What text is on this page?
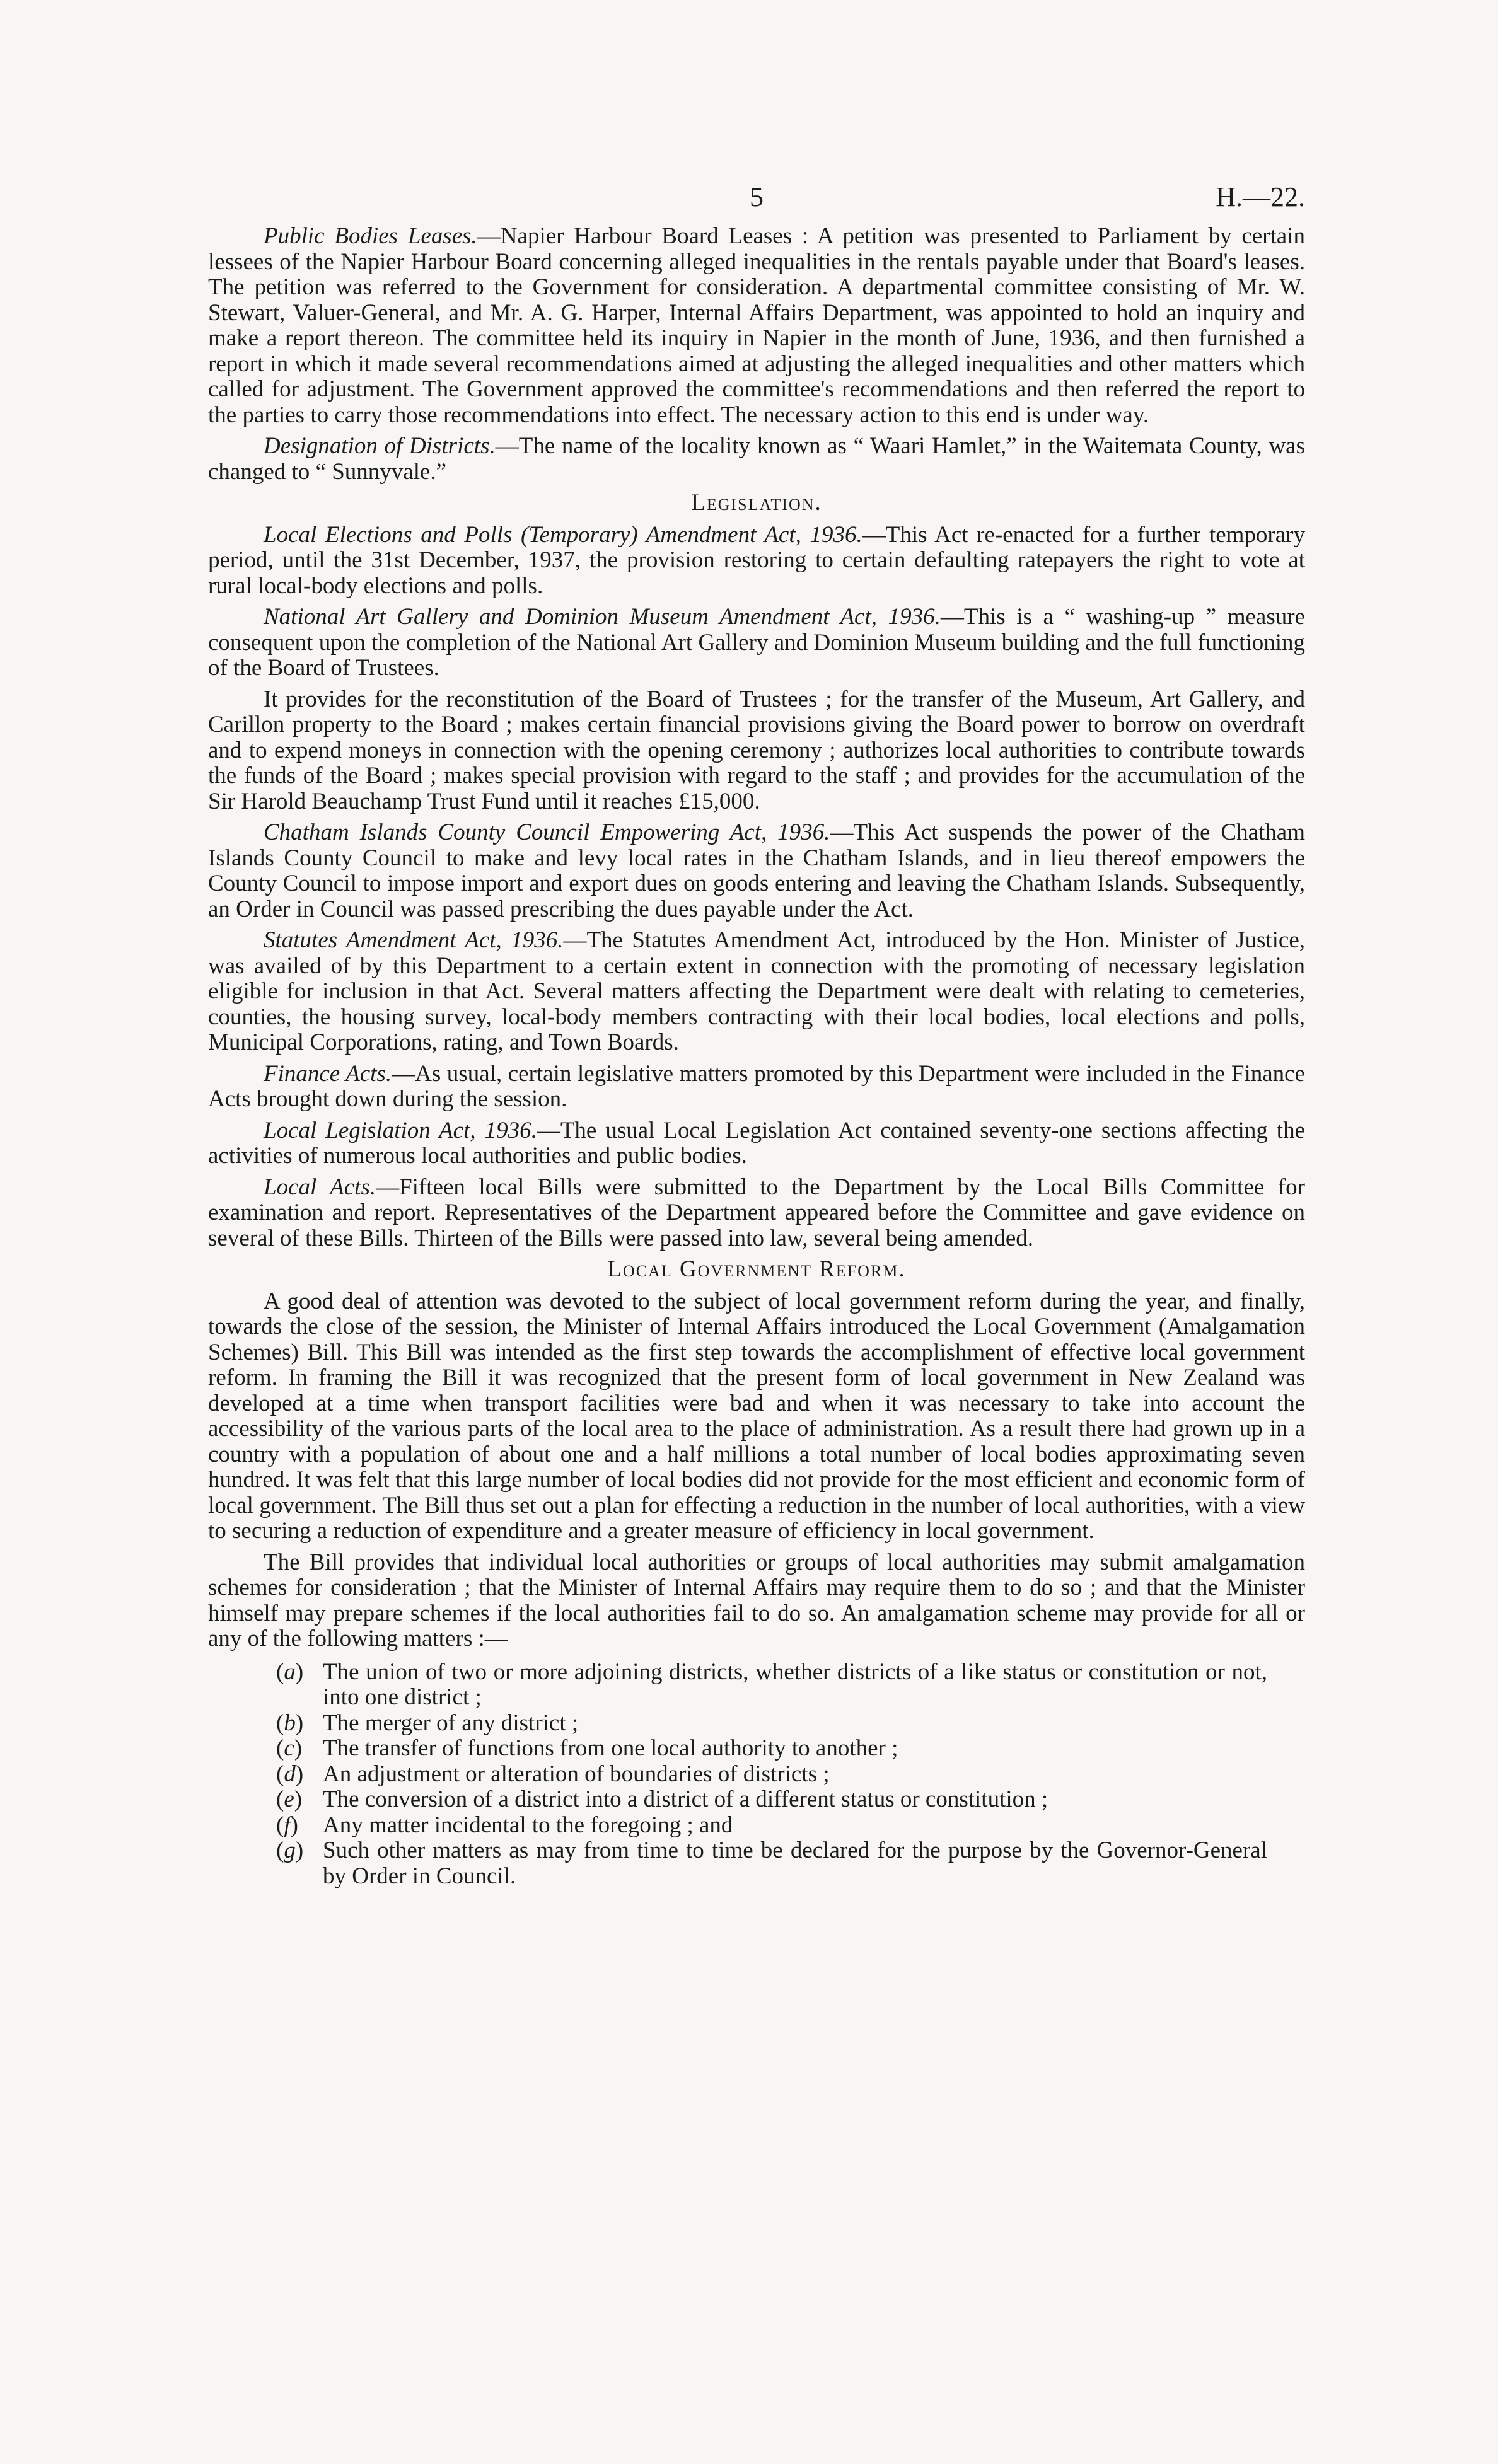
5	H.—22.

Public Bodies Leases.—Napier Harbour Board Leases : A petition was presented to Parliament by certain lessees of the Napier Harbour Board concerning alleged inequalities in the rentals payable under that Board's leases. The petition was referred to the Government for consideration. A departmental committee consisting of Mr. W. Stewart, Valuer-General, and Mr. A. G. Harper, Internal Affairs Department, was appointed to hold an inquiry and make a report thereon. The committee held its inquiry in Napier in the month of June, 1936, and then furnished a report in which it made several recommendations aimed at adjusting the alleged inequalities and other matters which called for adjustment. The Government approved the committee's recommendations and then referred the report to the parties to carry those recommendations into effect. The necessary action to this end is under way.

Designation of Districts.—The name of the locality known as “ Waari Hamlet,” in the Waitemata County, was changed to “ Sunnyvale.”

Legislation.

Local Elections and Polls (Temporary) Amendment Act, 1936.—This Act re-enacted for a further temporary period, until the 31st December, 1937, the provision restoring to certain defaulting ratepayers the right to vote at rural local-body elections and polls.

National Art Gallery and Dominion Museum Amendment Act, 1936.—This is a “ washing-up ” measure consequent upon the completion of the National Art Gallery and Dominion Museum building and the full functioning of the Board of Trustees.

It provides for the reconstitution of the Board of Trustees ; for the transfer of the Museum, Art Gallery, and Carillon property to the Board ; makes certain financial provisions giving the Board power to borrow on overdraft and to expend moneys in connection with the opening ceremony ; authorizes local authorities to contribute towards the funds of the Board ; makes special provision with regard to the staff ; and provides for the accumulation of the Sir Harold Beauchamp Trust Fund until it reaches £15,000.

Chatham Islands County Council Empowering Act, 1936.—This Act suspends the power of the Chatham Islands County Council to make and levy local rates in the Chatham Islands, and in lieu thereof empowers the County Council to impose import and export dues on goods entering and leaving the Chatham Islands. Subsequently, an Order in Council was passed prescribing the dues payable under the Act.

Statutes Amendment Act, 1936.—The Statutes Amendment Act, introduced by the Hon. Minister of Justice, was availed of by this Department to a certain extent in connection with the promoting of necessary legislation eligible for inclusion in that Act. Several matters affecting the Department were dealt with relating to cemeteries, counties, the housing survey, local-body members contracting with their local bodies, local elections and polls, Municipal Corporations, rating, and Town Boards.

Finance Acts.—As usual, certain legislative matters promoted by this Department were included in the Finance Acts brought down during the session.

Local Legislation Act, 1936.—The usual Local Legislation Act contained seventy-one sections affecting the activities of numerous local authorities and public bodies.

Local Acts.—Fifteen local Bills were submitted to the Department by the Local Bills Committee for examination and report. Representatives of the Department appeared before the Committee and gave evidence on several of these Bills. Thirteen of the Bills were passed into law, several being amended.

Local Government Reform.

A good deal of attention was devoted to the subject of local government reform during the year, and finally, towards the close of the session, the Minister of Internal Affairs introduced the Local Government (Amalgamation Schemes) Bill. This Bill was intended as the first step towards the accomplishment of effective local government reform. In framing the Bill it was recognized that the present form of local government in New Zealand was developed at a time when transport facilities were bad and when it was necessary to take into account the accessibility of the various parts of the local area to the place of administration. As a result there had grown up in a country with a population of about one and a half millions a total number of local bodies approximating seven hundred. It was felt that this large number of local bodies did not provide for the most efficient and economic form of local government. The Bill thus set out a plan for effecting a reduction in the number of local authorities, with a view to securing a reduction of expenditure and a greater measure of efficiency in local government.

The Bill provides that individual local authorities or groups of local authorities may submit amalgamation schemes for consideration ; that the Minister of Internal Affairs may require them to do so ; and that the Minister himself may prepare schemes if the local authorities fail to do so. An amalgamation scheme may provide for all or any of the following matters :—

(a) The union of two or more adjoining districts, whether districts of a like status or constitution or not, into one district ;
(b) The merger of any district ;
(c) The transfer of functions from one local authority to another ;
(d) An adjustment or alteration of boundaries of districts ;
(e) The conversion of a district into a district of a different status or constitution ;
(f) Any matter incidental to the foregoing ; and
(g) Such other matters as may from time to time be declared for the purpose by the Governor-General by Order in Council.
